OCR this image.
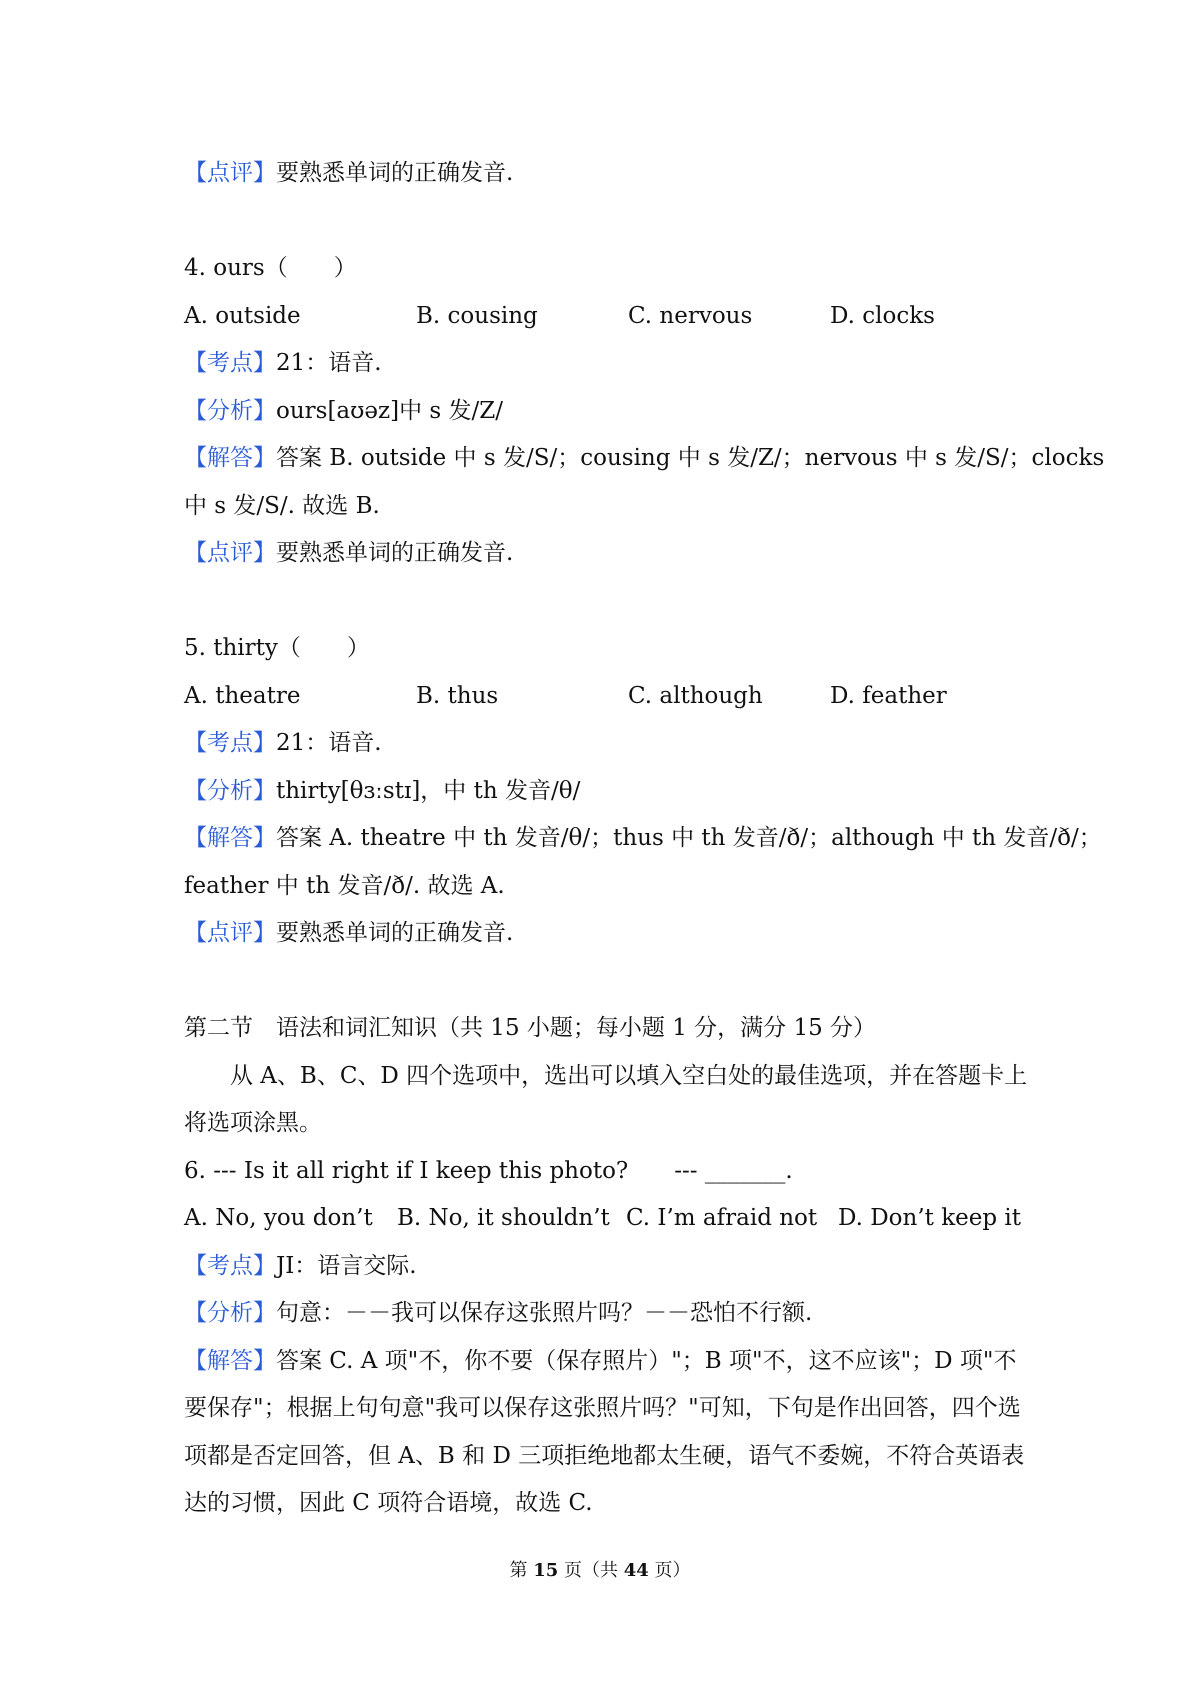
【点评】要熟悉单词的正确发音.
4. ours（　　）
A. outside	B. cousing	C. nervous	D. clocks
【考点】21：语音.
【分析】ours[aʊəz]中 s 发/Z/
【解答】答案 B. outside 中 s 发/S/；cousing 中 s 发/Z/；nervous 中 s 发/S/；clocks
中 s 发/S/. 故选 B.
【点评】要熟悉单词的正确发音.
5. thirty（　　）
A. theatre	B. thus	C. although	D. feather
【考点】21：语音.
【分析】thirty[θɜːstɪ]，中 th 发音/θ/
【解答】答案 A. theatre 中 th 发音/θ/；thus 中 th 发音/ð/；although 中 th 发音/ð/；
feather 中 th 发音/ð/. 故选 A.
【点评】要熟悉单词的正确发音.
第二节　语法和词汇知识（共 15 小题；每小题 1 分，满分 15 分）
从 A、B、C、D 四个选项中，选出可以填入空白处的最佳选项，并在答题卡上将选项涂黑。
6. --- Is it all right if I keep this photo?　　--- _______.
A. No, you don’t	B. No, it shouldn’t C. I’m afraid not D. Don’t keep it
【考点】JI：语言交际.
【分析】句意：－－我可以保存这张照片吗？－－恐怕不行额.
【解答】答案 C. A 项"不，你不要（保存照片）"；B 项"不，这不应该"；D 项"不要保存"；根据上句句意"我可以保存这张照片吗？"可知，下句是作出回答，四个选项都是否定回答，但 A、B 和 D 三项拒绝地都太生硬，语气不委婉，不符合英语表达的习惯，因此 C 项符合语境，故选 C.
第 15 页（共 44 页）
